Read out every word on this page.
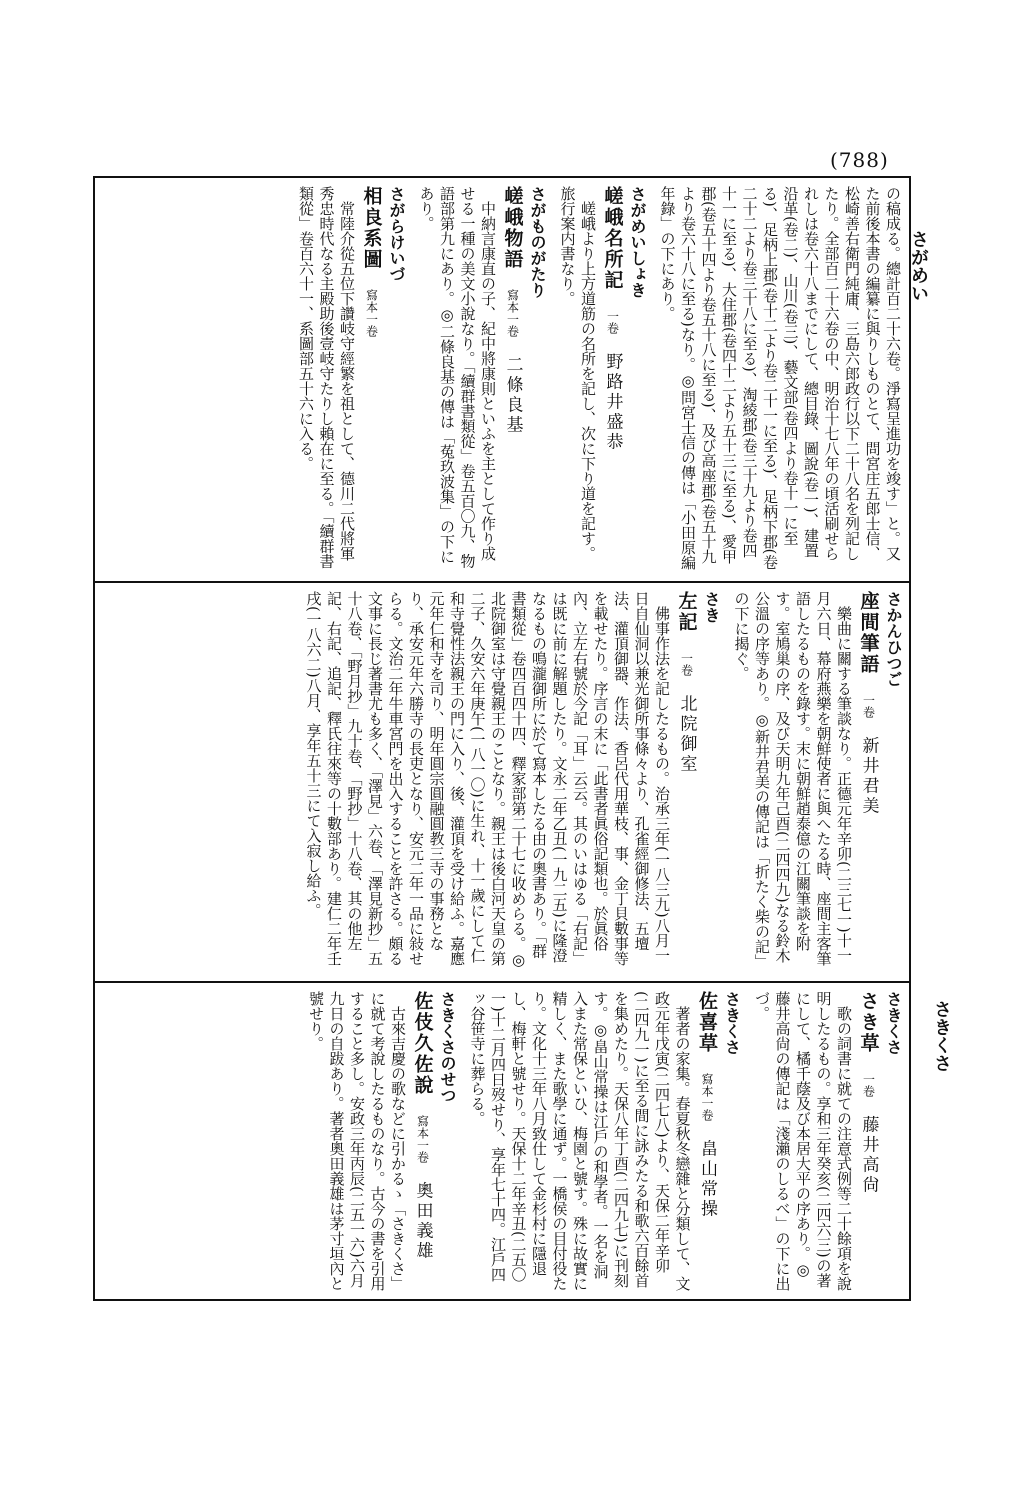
(788)
さがめい
さきくさ
の稿成る。總計百二十六卷。淨寫呈進功を竣す」と。又た前後本書の編纂に與りしものとて、問宮庄五郎士信、松崎善右衛門純庸、三島六郎政行以下二十八名を列記したり。全部百二十六卷の中、明治十七八年の頃活刷せられしは卷六十八までにして、總目錄、圖說(卷一)、建置沿革(卷二)、山川(卷三)、藝文部(卷四より卷十一に至る)、足柄上郡(卷十二より卷二十一に至る)、足柄下郡(卷二十二より卷三十八に至る)、淘綾郡(卷三十九より卷四十一に至る)、大住郡(卷四十二より五十三に至る)、愛甲郡(卷五十四より卷五十八に至る)、及び高座郡(卷五十九より卷六十八に至る)なり。◎問宮士信の傳は「小田原編年錄」の下にあり。
さがめいしょき
嵯峨名所記 一卷 野路井盛恭
嵯峨より上方道筋の名所を記し、次に下り道を記す。旅行案内書なり。
さがものがたり
嵯峨物語 寫本一卷 二條良基
中納言康直の子、紀中將康則といふを主として作り成せる一種の美文小說なり。「續群書類從」卷五百〇九、物語部第九にあり。◎二條良基の傳は「菟玖波集」の下にあり。
さがらけいづ
相良系圖 寫本一卷
常陸介從五位下讚岐守經繁を祖として、德川二代將軍秀忠時代なる主殿助後壹岐守たりし賴在に至る。「續群書類從」卷百六十一、系圖部五十六に入る。
さかんひつご
座間筆語 一卷 新井君美
樂曲に關する筆談なり。正德元年辛卯(二三七一)十一月六日、幕府燕樂を朝鮮使者に與へたる時、座間主客筆語したるものを錄す。末に朝鮮趙泰億の江關筆談を附す。室鳩巢の序、及び天明九年己酉(二四四九)なる鈴木公溫の序等あり。◎新井君美の傳記は「折たく柴の記」の下に揭ぐ。
さき
左記 一卷 北院御室
佛事作法を記したるもの。治承三年(一八三九)八月一日自仙洞以兼光御所事條々より、孔雀經御修法、五壇法、灌頂御器、作法、香呂代用華枝、事、金丁貝數事等を載せたり。序言の末に「此書者眞俗記類也。於眞俗內、立左右號於今記「耳」云云。其のいはゆる「右記」は既に前に解題したり。文永二年乙丑(一九二五)に隆澄なるもの鳴瀧御所に於て寫本したる由の奧書あり。「群書類從」卷四百四十四、釋家部第二十七に收めらる。◎北院御室は守覺親王のことなり。親王は後白河天皇の第二子、久安六年庚午(一八一〇)に生れ、十一歲にして仁和寺覺性法親王の門に入り、後、灌頂を受け給ふ。嘉應元年仁和寺を司り、明年圓宗圓融圓教三寺の事務となり、承安元年六勝寺の長吏となり、安元二年一品に敍せらる。文治二年牛車宮門を出入することを許さる。頗る文事に長じ著書尤も多く、「澤見」六卷、「澤見新抄」五十八卷、「野月抄」九十卷、「野抄」十八卷、其の他左記、右記、追記、釋氏往來等の十數部あり。建仁二年壬戌(一八六二)八月、享年五十三にて入寂し給ふ。
さきくさ
さき草 一卷 藤井高尙
歌の詞書に就ての注意式例等二十餘項を說明したるもの。享和三年癸亥(二四六三)の著にして、橘千蔭及び本居大平の序あり。◎藤井高尙の傳記は「淺瀨のしるべ」の下に出づ。
さきくさ
佐喜草 寫本一卷 畠山常操
著者の家集。春夏秋冬戀雜と分類して、文政元年戊寅(二四七八)より、天保二年辛卯(二四九一)に至る間に詠みたる和歌六百餘首を集めたり。天保八年丁酉(二四九七)に刊刻す。◎畠山常操は江戶の和學者。一名を洞入また常保といひ、梅園と號す。殊に故實に精しく、また歌學に通ず。一橋侯の目付役たり。文化十三年八月致仕して金杉村に隱退し、梅軒と號せり。天保十二年辛丑(二五〇一)十二月四日歿せり、享年七十四。江戶四ッ谷笹寺に葬らる。
さきくさのせつ
佐伎久佐說 寫本一卷 奧田義雄
古來吉慶の歌などに引かるゝ「さきくさ」に就て考說したるものなり。古今の書を引用すること多し。安政三年丙辰(二五一六)六月九日の自跋あり。著者奧田義雄は茅寸垣內と號せり。
